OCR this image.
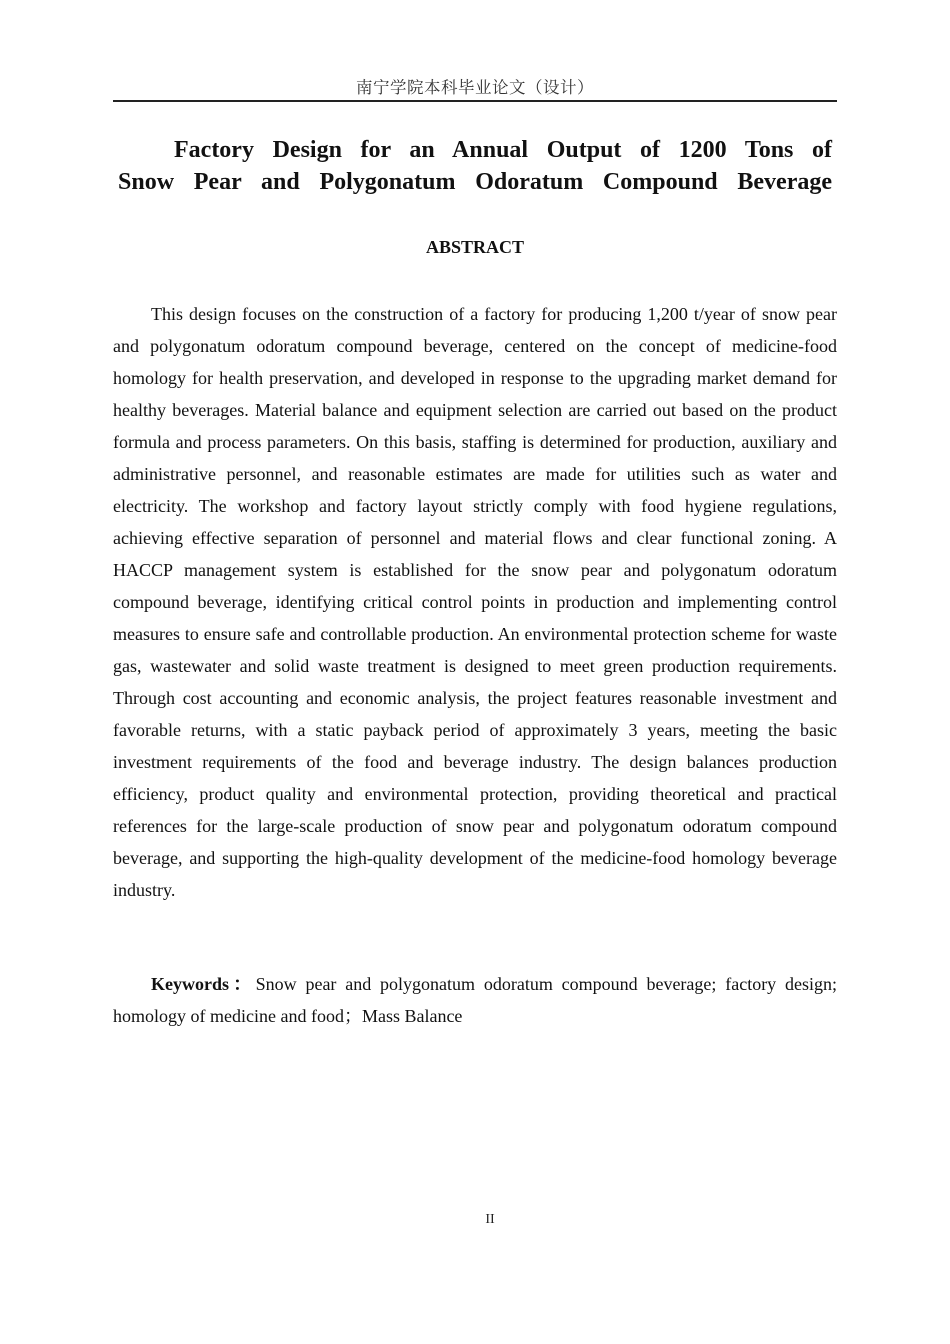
南宁学院本科毕业论文（设计）
Factory Design for an Annual Output of 1200 Tons of
Snow Pear and Polygonatum Odoratum Compound Beverage
ABSTRACT

This design focuses on the construction of a factory for producing 1,200 t/year of snow pear and polygonatum odoratum compound beverage, centered on the concept of medicine-food homology for health preservation, and developed in response to the upgrading market demand for healthy beverages. Material balance and equipment selection are carried out based on the product formula and process parameters. On this basis, staffing is determined for production, auxiliary and administrative personnel, and reasonable estimates are made for utilities such as water and electricity. The workshop and factory layout strictly comply with food hygiene regulations, achieving effective separation of personnel and material flows and clear functional zoning. A HACCP management system is established for the snow pear and polygonatum odoratum compound beverage, identifying critical control points in production and implementing control measures to ensure safe and controllable production. An environmental protection scheme for waste gas, wastewater and solid waste treatment is designed to meet green production requirements. Through cost accounting and economic analysis, the project features reasonable investment and favorable returns, with a static payback period of approximately 3 years, meeting the basic investment requirements of the food and beverage industry. The design balances production efficiency, product quality and environmental protection, providing theoretical and practical references for the large-scale production of snow pear and polygonatum odoratum compound beverage, and supporting the high-quality development of the medicine-food homology beverage industry.

Keywords：Snow pear and polygonatum odoratum compound beverage; factory design; homology of medicine and food；Mass Balance

II
